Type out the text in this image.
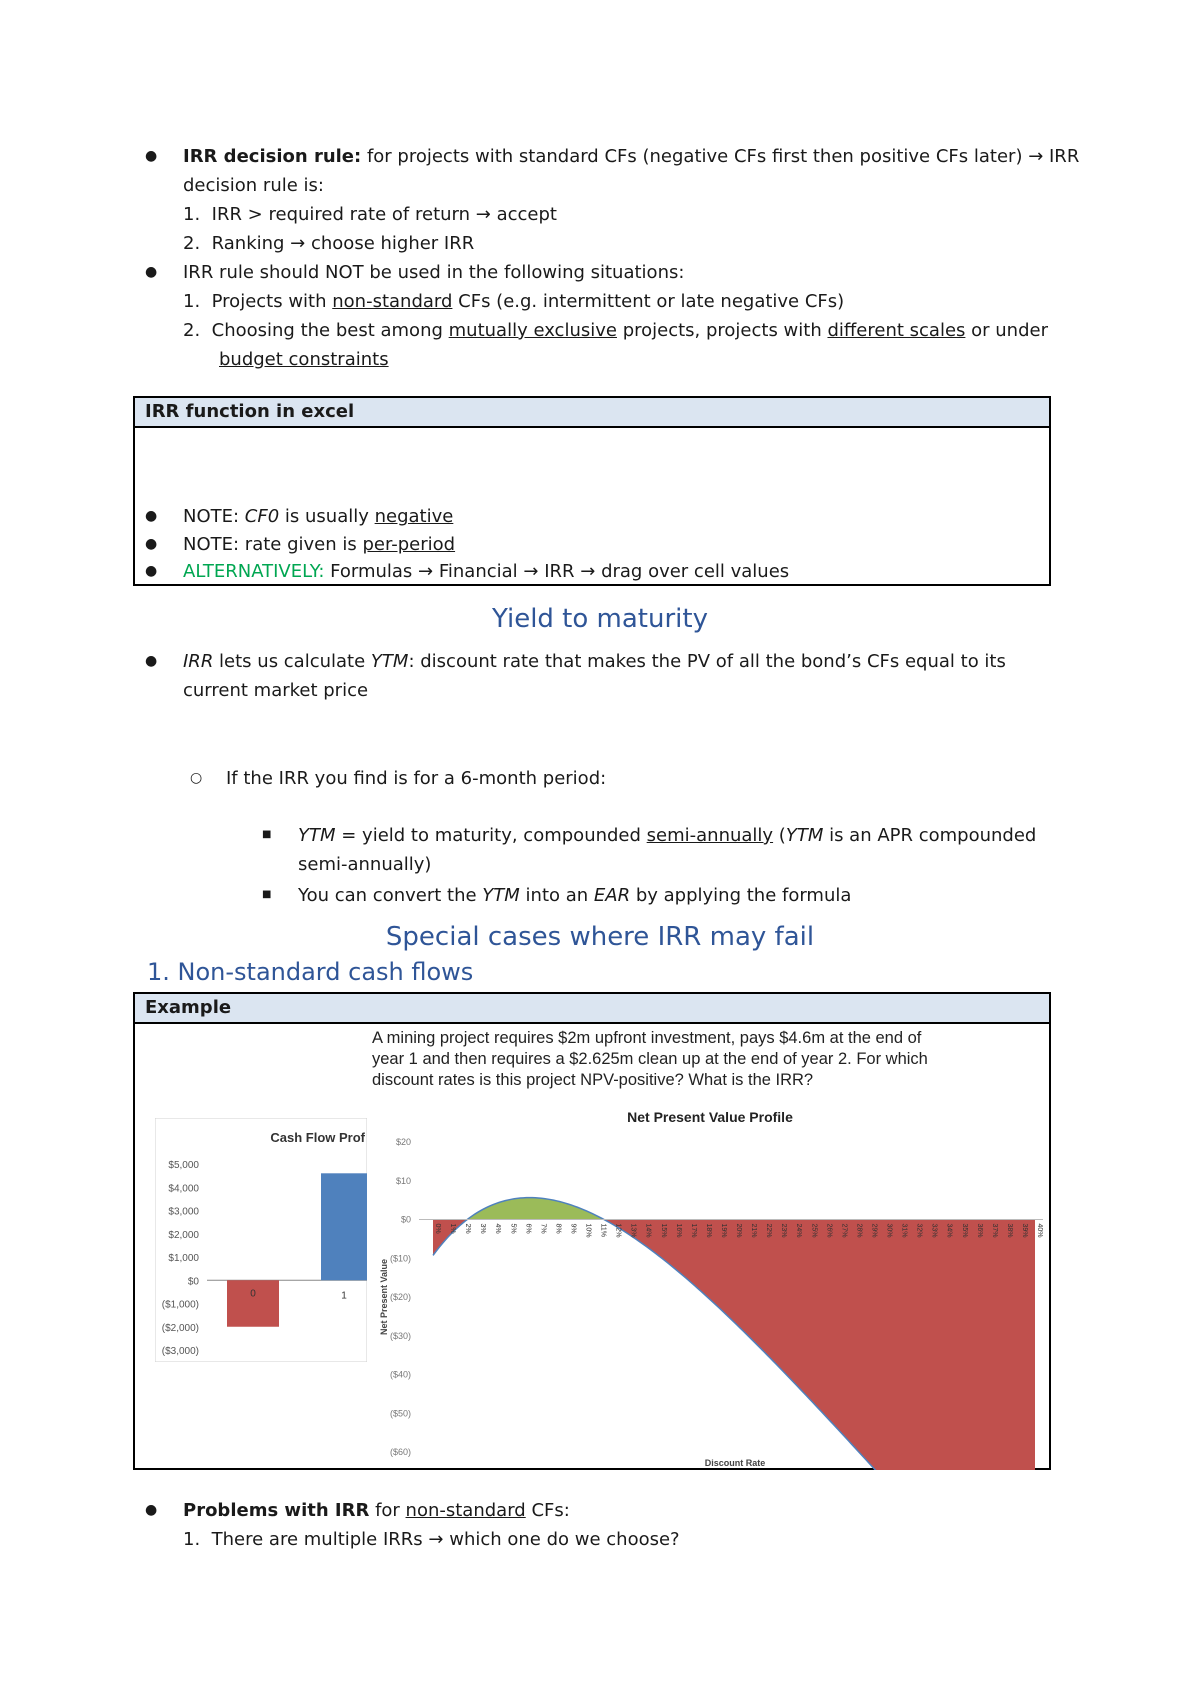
● IRR decision rule: for projects with standard CFs (negative CFs first then positive CFs later) → IRR
decision rule is:
1. IRR > required rate of return → accept
2. Ranking → choose higher IRR
● IRR rule should NOT be used in the following situations:
1. Projects with non-standard CFs (e.g. intermittent or late negative CFs)
2. Choosing the best among mutually exclusive projects, projects with different scales or under
budget constraints
IRR function in excel
● NOTE: CF0 is usually negative
● NOTE: rate given is per-period
● ALTERNATIVELY: Formulas → Financial → IRR → drag over cell values
Yield to maturity
● IRR lets us calculate YTM: discount rate that makes the PV of all the bond’s CFs equal to its
current market price
○ If the IRR you find is for a 6-month period:
■ YTM = yield to maturity, compounded semi-annually (YTM is an APR compounded
semi-annually)
■ You can convert the YTM into an EAR by applying the formula
Special cases where IRR may fail
1. Non-standard cash flows
Example
A mining project requires $2m upfront investment, pays $4.6m at the end of
year 1 and then requires a $2.625m clean up at the end of year 2. For which
discount rates is this project NPV-positive? What is the IRR?
Cash Flow Prof
$5,000
$4,000
$3,000
$2,000
$1,000
$0
($1,000)
($2,000)
($3,000)
0	1
Net Present Value Profile
$20
$10
$0
($10)
($20)
($30)
($40)
($50)
($60)
Net Present Value
Discount Rate
0% 1% 2% 3% 4% 5% 6% 7% 8% 9% 10% 11% 12% 13% 14% 15% 16% 17% 18% 19% 20% 21% 22% 23% 24% 25% 26% 27% 28% 29% 30% 31% 32% 33% 34% 35% 36% 37% 38% 39% 40%
● Problems with IRR for non-standard CFs:
1. There are multiple IRRs → which one do we choose?
